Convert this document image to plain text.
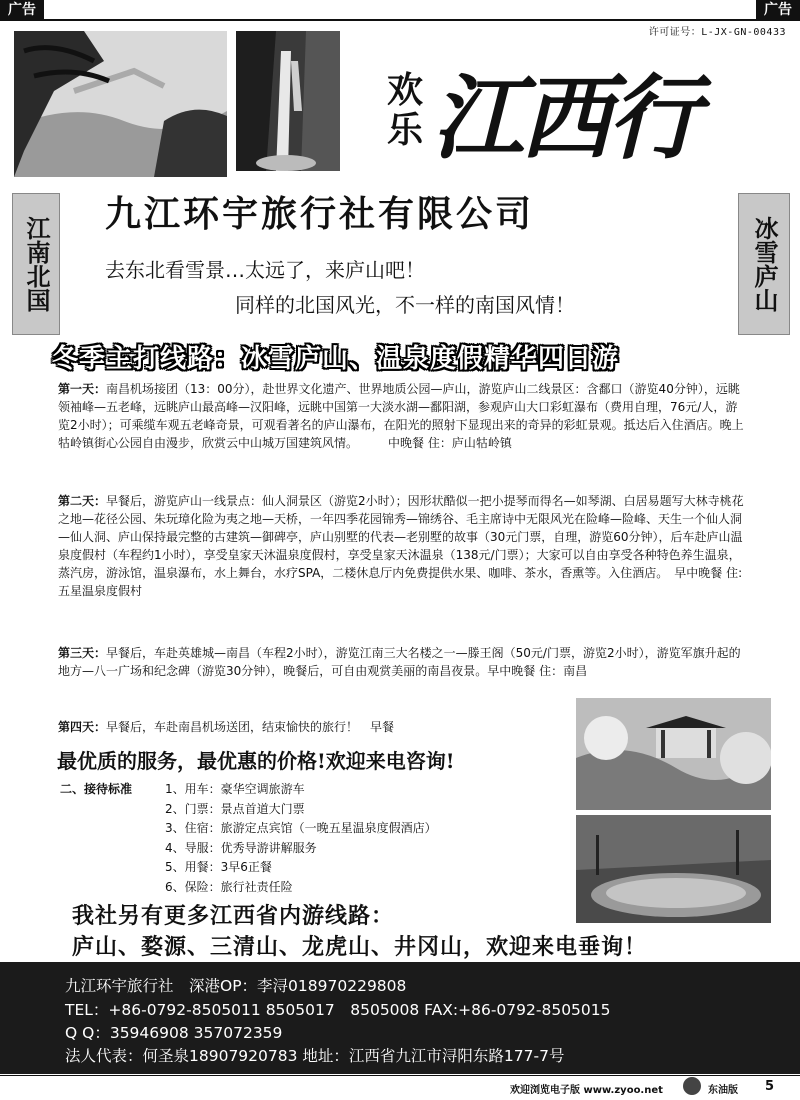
广告	广告
许可证号：L-JX-GN-00433
欢乐 江西行
江南北国	冰雪庐山
九江环宇旅行社有限公司
去东北看雪景…太远了，来庐山吧！
同样的北国风光，不一样的南国风情！
冬季主打线路：冰雪庐山、温泉度假精华四日游
第一天：南昌机场接团（13：00分），赴世界文化遗产、世界地质公园—庐山，游览庐山二线景区：含鄱口（游览40分钟），远眺领袖峰—五老峰，远眺庐山最高峰—汉阳峰，远眺中国第一大淡水湖—鄱阳湖，参观庐山大口彩虹瀑布（费用自理，76元/人，游览2小时）；可乘缆车观五老峰奇景，可观看著名的庐山瀑布，在阳光的照射下显现出来的奇异的彩虹景观。抵达后入住酒店。晚上牯岭镇街心公园自由漫步，欣赏云中山城万国建筑风情。　　　中晚餐 住：庐山牯岭镇
第二天：早餐后，游览庐山一线景点：仙人洞景区（游览2小时）；因形状酷似一把小提琴而得名—如琴湖、白居易题写大林寺桃花之地—花径公园、朱玩璋化险为夷之地—天桥，一年四季花园锦秀—锦绣谷、毛主席诗中无限风光在险峰—险峰、天生一个仙人洞—仙人洞、庐山保持最完整的古建筑—御碑亭，庐山别墅的代表—老别墅的故事（30元门票，自理，游览60分钟），后车赴庐山温泉度假村（车程约1小时），享受皇家天沐温泉度假村，享受皇家天沐温泉（138元/门票）；大家可以自由享受各种特色养生温泉，蒸汽房，游泳馆，温泉瀑布，水上舞台，水疗SPA，二楼休息厅内免费提供水果、咖啡、茶水，香熏等。入住酒店。　早中晚餐 住:五星温泉度假村
第三天：早餐后，车赴英雄城—南昌（车程2小时），游览江南三大名楼之一—滕王阁（50元/门票，游览2小时），游览军旗升起的地方—八一广场和纪念碑（游览30分钟），晚餐后，可自由观赏美丽的南昌夜景。早中晚餐 住：南昌
第四天：早餐后，车赴南昌机场送团，结束愉快的旅行！　早餐
最优质的服务，最优惠的价格!欢迎来电咨询!
二、接待标准	1、用车：豪华空调旅游车
2、门票：景点首道大门票
3、住宿：旅游定点宾馆（一晚五星温泉度假酒店）
4、导服：优秀导游讲解服务
5、用餐：3早6正餐
6、保险：旅行社责任险
我社另有更多江西省内游线路：
庐山、婺源、三清山、龙虎山、井冈山，欢迎来电垂询！
九江环宇旅行社　深港OP：李浔018970229808
TEL：+86-0792-8505011 8505017　8505008 FAX:+86-0792-8505015
Q Q：35946908 357072359
法人代表：何圣泉18907920783 地址：江西省九江市浔阳东路177-7号
欢迎浏览电子版 www.zyoo.net	东油版 5
